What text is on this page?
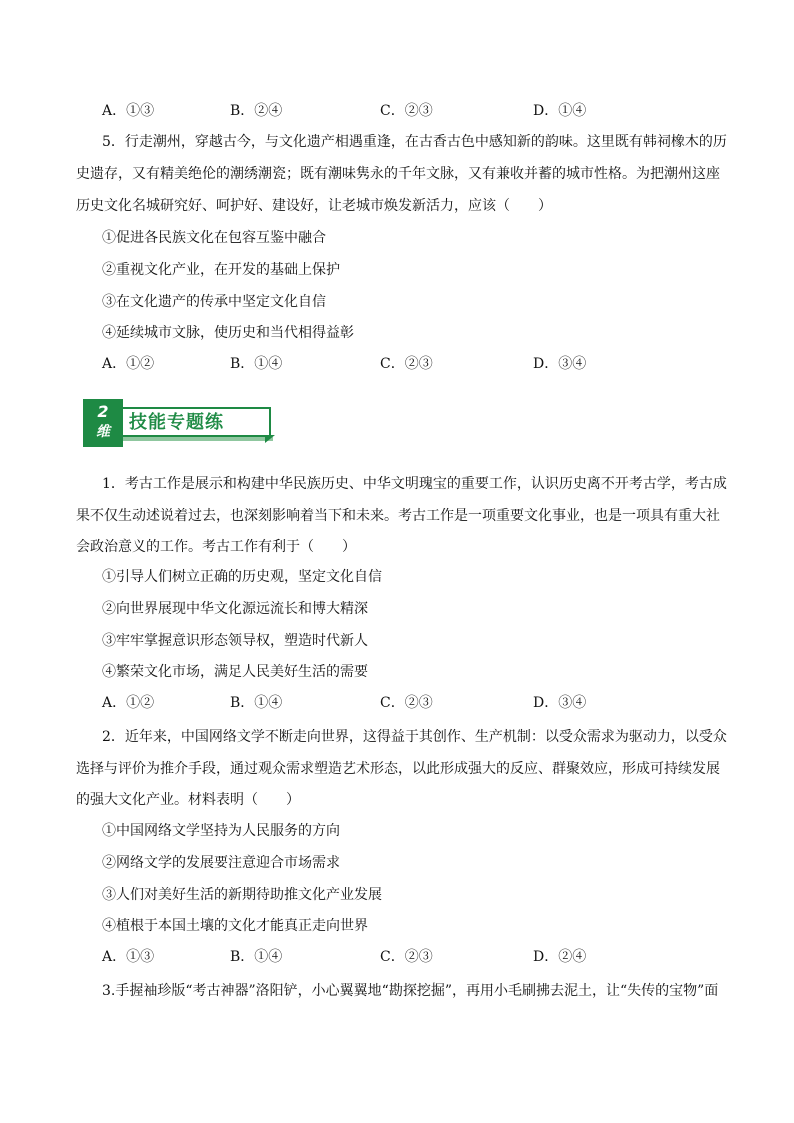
A．①③	B．②④	C．②③	D．①④
5．行走潮州，穿越古今，与文化遗产相遇重逢，在古香古色中感知新的韵味。这里既有韩祠橡木的历
史遗存，又有精美绝伦的潮绣潮瓷；既有潮味隽永的千年文脉，又有兼收并蓄的城市性格。为把潮州这座
历史文化名城研究好、呵护好、建设好，让老城市焕发新活力，应该（　　）
①促进各民族文化在包容互鉴中融合
②重视文化产业，在开发的基础上保护
③在文化遗产的传承中坚定文化自信
④延续城市文脉，使历史和当代相得益彰
A．①②	B．①④	C．②③	D．③④
2
维	技能专题练
1．考古工作是展示和构建中华民族历史、中华文明瑰宝的重要工作，认识历史离不开考古学，考古成
果不仅生动述说着过去，也深刻影响着当下和未来。考古工作是一项重要文化事业，也是一项具有重大社
会政治意义的工作。考古工作有利于（　　）
①引导人们树立正确的历史观，坚定文化自信
②向世界展现中华文化源远流长和博大精深
③牢牢掌握意识形态领导权，塑造时代新人
④繁荣文化市场，满足人民美好生活的需要
A．①②	B．①④	C．②③	D．③④
2．近年来，中国网络文学不断走向世界，这得益于其创作、生产机制：以受众需求为驱动力，以受众
选择与评价为推介手段，通过观众需求塑造艺术形态，以此形成强大的反应、群聚效应，形成可持续发展
的强大文化产业。材料表明（　　）
①中国网络文学坚持为人民服务的方向
②网络文学的发展要注意迎合市场需求
③人们对美好生活的新期待助推文化产业发展
④植根于本国土壤的文化才能真正走向世界
A．①③	B．①④	C．②③	D．②④
3.手握袖珍版“考古神器”洛阳铲，小心翼翼地“勘探挖掘”，再用小毛刷拂去泥土，让“失传的宝物”面
